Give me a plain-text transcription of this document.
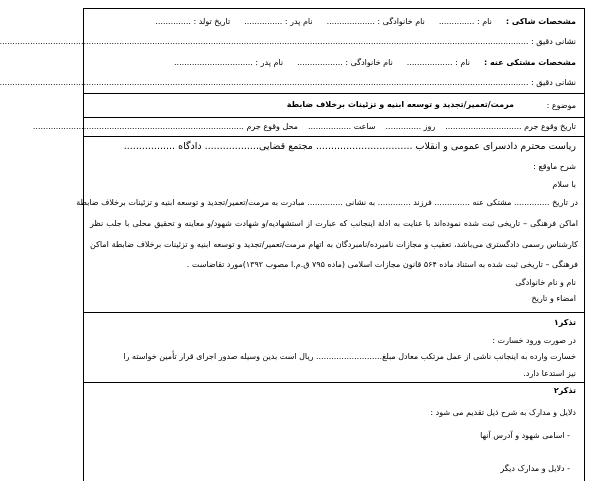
مشخصات شاکی :
نام : ..............
نام خانوادگی : ...................
نام پدر : ...............
تاریخ تولد : ..............
نشانی دقیق : ................................................................................................................................................................................................................
مشخصات مشتکی عنه :
نام : ..................
نام خانوادگی : ..................
نام پدر : ...............................
نشانی دقیق : ................................................................................................................................................................................................................
موضوع :
مرمت/تعمیر/تجدید و توسعه ابنیه و تزئینات برخلاف ضابطة
تاریخ وقوع جرم ..............................
روز ..............
ساعت .................
محل وقوع جرم ...................................................................................
ریاست محترم دادسرای عمومی و انقلاب ................................ مجتمع قضایی.................. دادگاه .................
شرح ماوقع :
با سلام
در تاریخ .............. مشتکی عنه .............. فرزند ............. به نشانی .............. مبادرت به مرمت/تعمیر/تجدید و توسعه ابنیه و تزئینات برخلاف ضابطة
اماکن فرهنگی – تاریخی ثبت شده نموده‌اند با عنایت به ادلة اینجانب که عبارت از استشهادیه/و شهادت شهود/و معاینه و تحقیق محلی با جلب نظر
کارشناس رسمی دادگستری می‌باشد، تعقیب و مجازات نامبرده/نامبردگان به اتهام مرمت/تعمیر/تجدید و توسعه ابنیه و تزئینات برخلاف ضابطة اماکن
فرهنگی – تاریخی ثبت شده به استناد ماده ۵۶۴ قانون مجازات اسلامی (ماده ۷۹۵ ق.م.ا مصوب ۱۳۹۲)مورد تقاضاست .
نام و نام خانوادگی
امضاء و تاریخ
تذکر۱
در صورت ورود خسارت :
خسارت وارده به اینجانب ناشی از عمل مرتکب معادل مبلغ.......................... ریال است بدین وسیله صدور اجرای قرار تأمین خواسته را
نیز استدعا دارد.
تذکر۲
دلایل و مدارک به شرح ذیل تقدیم می شود :
- اسامی شهود و آدرس آنها
- دلایل و مدارک دیگر
